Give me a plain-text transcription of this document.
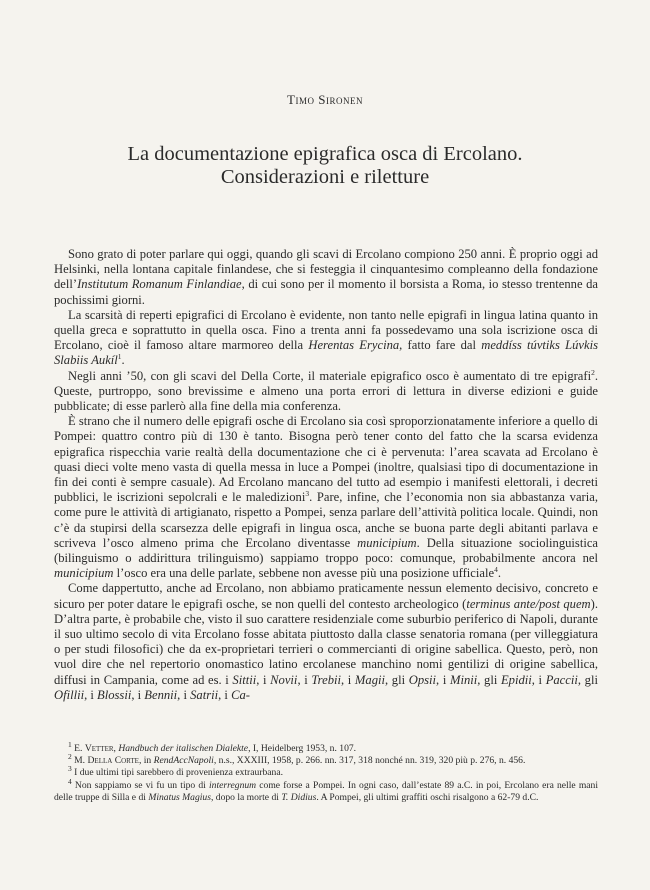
Timo Sironen
La documentazione epigrafica osca di Ercolano.
Considerazioni e riletture

Sono grato di poter parlare qui oggi, quando gli scavi di Ercolano compiono 250 anni. È proprio oggi ad Helsinki, nella lontana capitale finlandese, che si festeggia il cinquantesimo compleanno della fondazione dell’Institutum Romanum Finlandiae, di cui sono per il momento il borsista a Roma, io stesso trentenne da pochissimi giorni.

La scarsità di reperti epigrafici di Ercolano è evidente, non tanto nelle epigrafi in lingua latina quanto in quella greca e soprattutto in quella osca. Fino a trenta anni fa possedevamo una sola iscrizione osca di Ercolano, cioè il famoso altare marmoreo della Herentas Erycina, fatto fare dal meddíss túvtiks Lúvkis Slabiis Aukíl$^1$.

Negli anni ’50, con gli scavi del Della Corte, il materiale epigrafico osco è aumentato di tre epigrafi$^2$. Queste, purtroppo, sono brevissime e almeno una porta errori di lettura in diverse edizioni e guide pubblicate; di esse parlerò alla fine della mia conferenza.

È strano che il numero delle epigrafi osche di Ercolano sia così sproporzionatamente inferiore a quello di Pompei: quattro contro più di 130 è tanto. Bisogna però tener conto del fatto che la scarsa evidenza epigrafica rispecchia varie realtà della documentazione che ci è pervenuta: l’area scavata ad Ercolano è quasi dieci volte meno vasta di quella messa in luce a Pompei (inoltre, qualsiasi tipo di documentazione in fin dei conti è sempre casuale). Ad Ercolano mancano del tutto ad esempio i manifesti elettorali, i decreti pubblici, le iscrizioni sepolcrali e le maledizioni$^3$. Pare, infine, che l’economia non sia abbastanza varia, come pure le attività di artigianato, rispetto a Pompei, senza parlare dell’attività politica locale. Quindi, non c’è da stupirsi della scarsezza delle epigrafi in lingua osca, anche se buona parte degli abitanti parlava e scriveva l’osco almeno prima che Ercolano diventasse municipium. Della situazione sociolinguistica (bilinguismo o addirittura trilinguismo) sappiamo troppo poco: comunque, probabilmente ancora nel municipium l’osco era una delle parlate, sebbene non avesse più una posizione ufficiale$^4$.

Come dappertutto, anche ad Ercolano, non abbiamo praticamente nessun elemento decisivo, concreto e sicuro per poter datare le epigrafi osche, se non quelli del contesto archeologico (terminus ante/post quem). D’altra parte, è probabile che, visto il suo carattere residenziale come suburbio periferico di Napoli, durante il suo ultimo secolo di vita Ercolano fosse abitata piuttosto dalla classe senatoria romana (per villeggiatura o per studi filosofici) che da ex-proprietari terrieri o commercianti di origine sabellica. Questo, però, non vuol dire che nel repertorio onomastico latino ercolanese manchino nomi gentilizi di origine sabellica, diffusi in Campania, come ad es. i Sittii, i Novii, i Trebii, i Magii, gli Opsii, i Minii, gli Epidii, i Paccii, gli Ofillii, i Blossii, i Bennii, i Satrii, i Ca-

$^1$ E. Vetter, Handbuch der italischen Dialekte, I, Heidelberg 1953, n. 107.

$^2$ M. Della Corte, in RendAccNapoli, n.s., XXXIII, 1958, p. 266. nn. 317, 318 nonché nn. 319, 320 più p. 276, n. 456.

$^3$ I due ultimi tipi sarebbero di provenienza extraurbana.

$^4$ Non sappiamo se vi fu un tipo di interregnum come forse a Pompei. In ogni caso, dall’estate 89 a.C. in poi, Ercolano era nelle mani delle truppe di Silla e di Minatus Magius, dopo la morte di T. Didius. A Pompei, gli ultimi graffiti oschi risalgono a 62-79 d.C.
